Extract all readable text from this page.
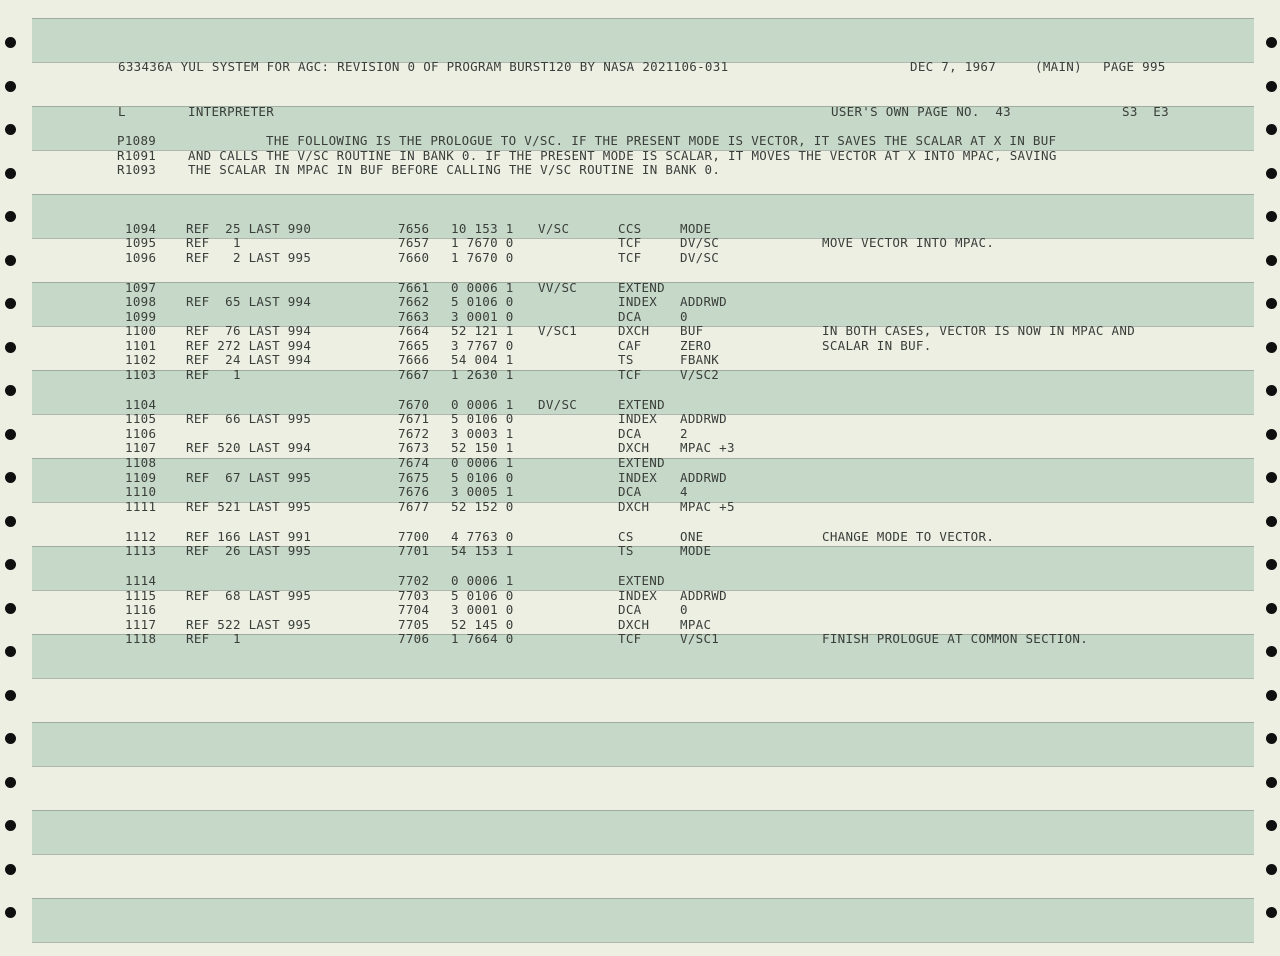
633436A YUL SYSTEM FOR AGC: REVISION 0 OF PROGRAM BURST120 BY NASA 2021106-031	DEC 7, 1967	(MAIN) PAGE 995
L	INTERPRETER	USER'S OWN PAGE NO.  43	S3  E3
P1089	THE FOLLOWING IS THE PROLOGUE TO V/SC. IF THE PRESENT MODE IS VECTOR, IT SAVES THE SCALAR AT X IN BUF
R1091	AND CALLS THE V/SC ROUTINE IN BANK 0. IF THE PRESENT MODE IS SCALAR, IT MOVES THE VECTOR AT X INTO MPAC, SAVING
R1093	THE SCALAR IN MPAC IN BUF BEFORE CALLING THE V/SC ROUTINE IN BANK 0.
1094 REF  25 LAST 990	7656 10 153 1 V/SC	CCS	MODE
1095 REF   1	7657 1 7670 0	TCF	DV/SC	MOVE VECTOR INTO MPAC.
1096 REF   2 LAST 995	7660 1 7670 0	TCF	DV/SC
1097	7661 0 0006 1 VV/SC	EXTEND
1098 REF  65 LAST 994	7662 5 0106 0	INDEX ADDRWD
1099	7663 3 0001 0	DCA	0
1100 REF  76 LAST 994	7664 52 121 1 V/SC1	DXCH BUF	IN BOTH CASES, VECTOR IS NOW IN MPAC AND
1101 REF 272 LAST 994	7665 3 7767 0	CAF	ZERO	SCALAR IN BUF.
1102 REF  24 LAST 994	7666 54 004 1	TS	FBANK
1103 REF   1	7667 1 2630 1	TCF	V/SC2
1104	7670 0 0006 1 DV/SC	EXTEND
1105 REF  66 LAST 995	7671 5 0106 0	INDEX ADDRWD
1106	7672 3 0003 1	DCA	2
1107 REF 520 LAST 994	7673 52 150 1	DXCH MPAC +3
1108	7674 0 0006 1	EXTEND
1109 REF  67 LAST 995	7675 5 0106 0	INDEX ADDRWD
1110	7676 3 0005 1	DCA	4
1111 REF 521 LAST 995	7677 52 152 0	DXCH MPAC +5
1112 REF 166 LAST 991	7700 4 7763 0	CS	ONE	CHANGE MODE TO VECTOR.
1113 REF  26 LAST 995	7701 54 153 1	TS	MODE
1114	7702 0 0006 1	EXTEND
1115 REF  68 LAST 995	7703 5 0106 0	INDEX ADDRWD
1116	7704 3 0001 0	DCA	0
1117 REF 522 LAST 995	7705 52 145 0	DXCH MPAC
1118 REF   1	7706 1 7664 0	TCF	V/SC1	FINISH PROLOGUE AT COMMON SECTION.
